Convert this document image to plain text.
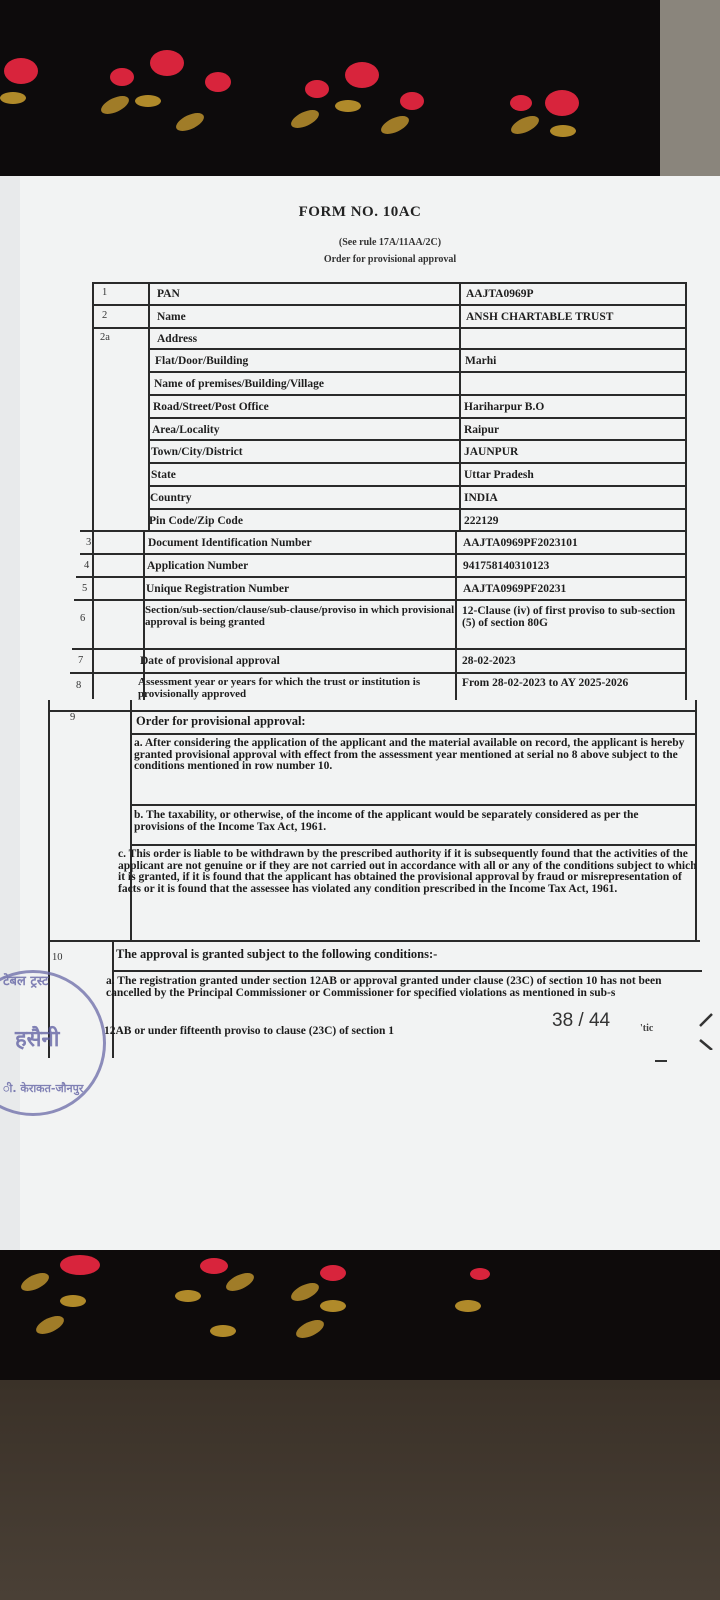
FORM NO. 10AC
(See rule 17A/11AA/2C)
Order for provisional approval
1
2
2a
3
4
5
6
7
8
9
10
PAN
Name
Address
Flat/Door/Building
Name of premises/Building/Village
Road/Street/Post Office
Area/Locality
Town/City/District
State
Country
Pin Code/Zip Code
Document Identification Number
Application Number
Unique Registration Number
Section/sub-section/clause/sub-clause/proviso in which provisional approval is being granted
Date of provisional approval
Assessment year or years for which the trust or institution is provisionally approved
AAJTA0969P
ANSH CHARTABLE TRUST
Marhi
Hariharpur B.O
Raipur
JAUNPUR
Uttar Pradesh
INDIA
222129
AAJTA0969PF2023101
941758140310123
AAJTA0969PF20231
12-Clause (iv) of first proviso to sub-section (5) of section 80G
28-02-2023
From 28-02-2023 to AY 2025-2026
Order for provisional approval:
a. After considering the application of the applicant and the material available on record, the applicant is hereby granted provisional approval with effect from the assessment year mentioned at serial no 8 above subject to the conditions mentioned in row number 10.
b. The taxability, or otherwise, of the income of the applicant would be separately considered as per the provisions of the Income Tax Act, 1961.
c. This order is liable to be withdrawn by the prescribed authority if it is subsequently found that the activities of the applicant are not genuine or if they are not carried out in accordance with all or any of the conditions subject to which it is granted, if it is found that the applicant has obtained the provisional approval by fraud or misrepresentation of facts or it is found that the assessee has violated any condition prescribed in the Income Tax Act, 1961.
The approval is granted subject to the following conditions:-
a. The registration granted under section 12AB or approval granted under clause (23C) of section 10 has not been cancelled by the Principal Commissioner or Commissioner for specified violations as mentioned in sub-s
12AB or under fifteenth proviso to clause (23C) of section 1	'tic
टेबल ट्रस्ट
हसैनी
ी. केराकत-जौनपुर
38 / 44
